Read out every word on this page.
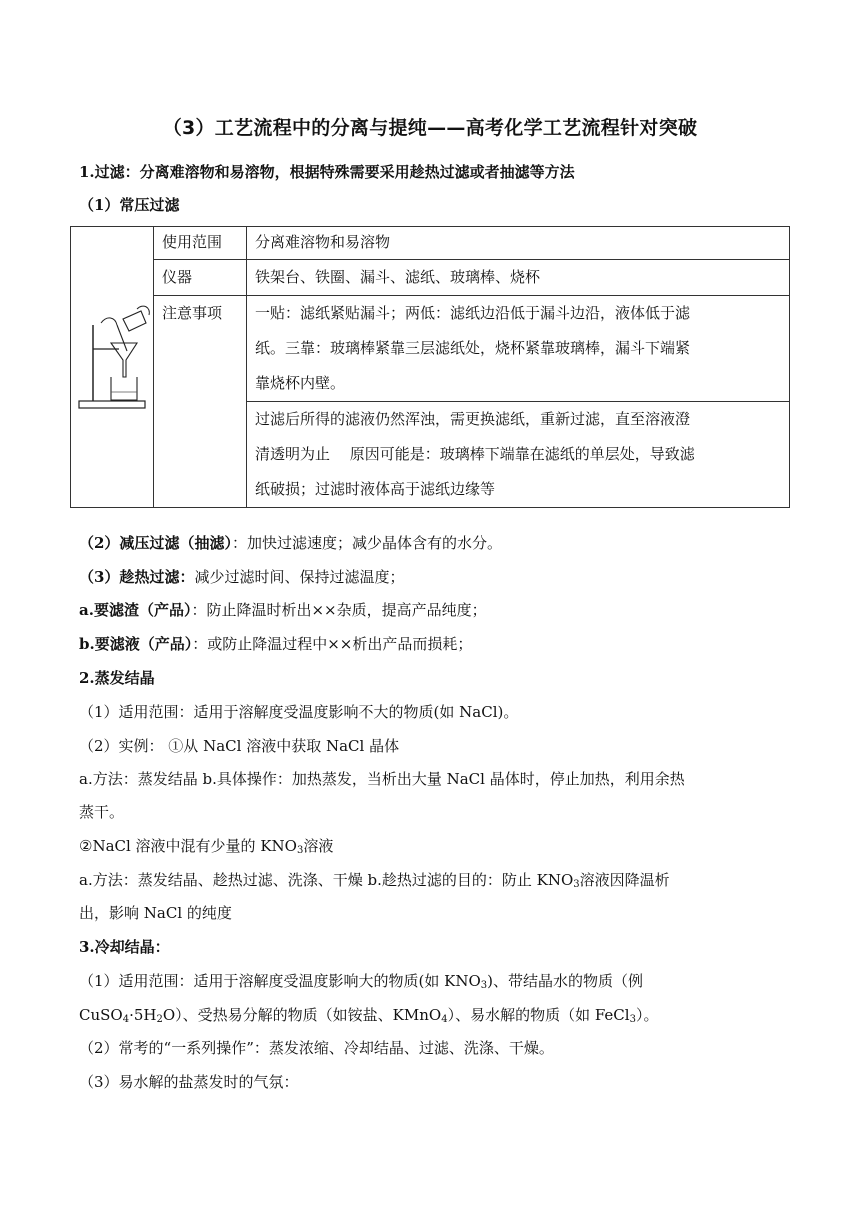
（3）工艺流程中的分离与提纯——高考化学工艺流程针对突破
1.过滤：分离难溶物和易溶物，根据特殊需要采用趁热过滤或者抽滤等方法
（1）常压过滤

使用范围	分离难溶物和易溶物

	仪器	铁架台、铁圈、漏斗、滤纸、玻璃棒、烧杯

	注意事项	一贴：滤纸紧贴漏斗；两低：滤纸边沿低于漏斗边沿，液体低于滤
纸。三靠：玻璃棒紧靠三层滤纸处，烧杯紧靠玻璃棒，漏斗下端紧
靠烧杯内壁。

		过滤后所得的滤液仍然浑浊，需更换滤纸，重新过滤，直至溶液澄
清透明为止　 原因可能是：玻璃棒下端靠在滤纸的单层处，导致滤
纸破损；过滤时液体高于滤纸边缘等
（2）减压过滤（抽滤）：加快过滤速度；减少晶体含有的水分。
（3）趁热过滤：减少过滤时间、保持过滤温度；
a.要滤渣（产品）：防止降温时析出××杂质，提高产品纯度；
b.要滤液（产品）：或防止降温过程中××析出产品而损耗；
2.蒸发结晶
（1）适用范围：适用于溶解度受温度影响不大的物质(如 NaCl)。
（2）实例： ①从 NaCl 溶液中获取 NaCl 晶体
a.方法：蒸发结晶 b.具体操作：加热蒸发，当析出大量 NaCl 晶体时，停止加热，利用余热
蒸干。
②NaCl 溶液中混有少量的 $KNO_3$溶液
a.方法：蒸发结晶、趁热过滤、洗涤、干燥 b.趁热过滤的目的：防止 $KNO_3$溶液因降温析
出，影响 NaCl 的纯度
3.冷却结晶：
（1）适用范围：适用于溶解度受温度影响大的物质(如 $KNO_3$)、带结晶水的物质（例
$CuSO_4\cdot 5H_2O$）、受热易分解的物质（如铵盐、KMnO$_4$）、易水解的物质（如 FeCl$_3$）。
（2）常考的“一系列操作”：蒸发浓缩、冷却结晶、过滤、洗涤、干燥。
（3）易水解的盐蒸发时的气氛：
